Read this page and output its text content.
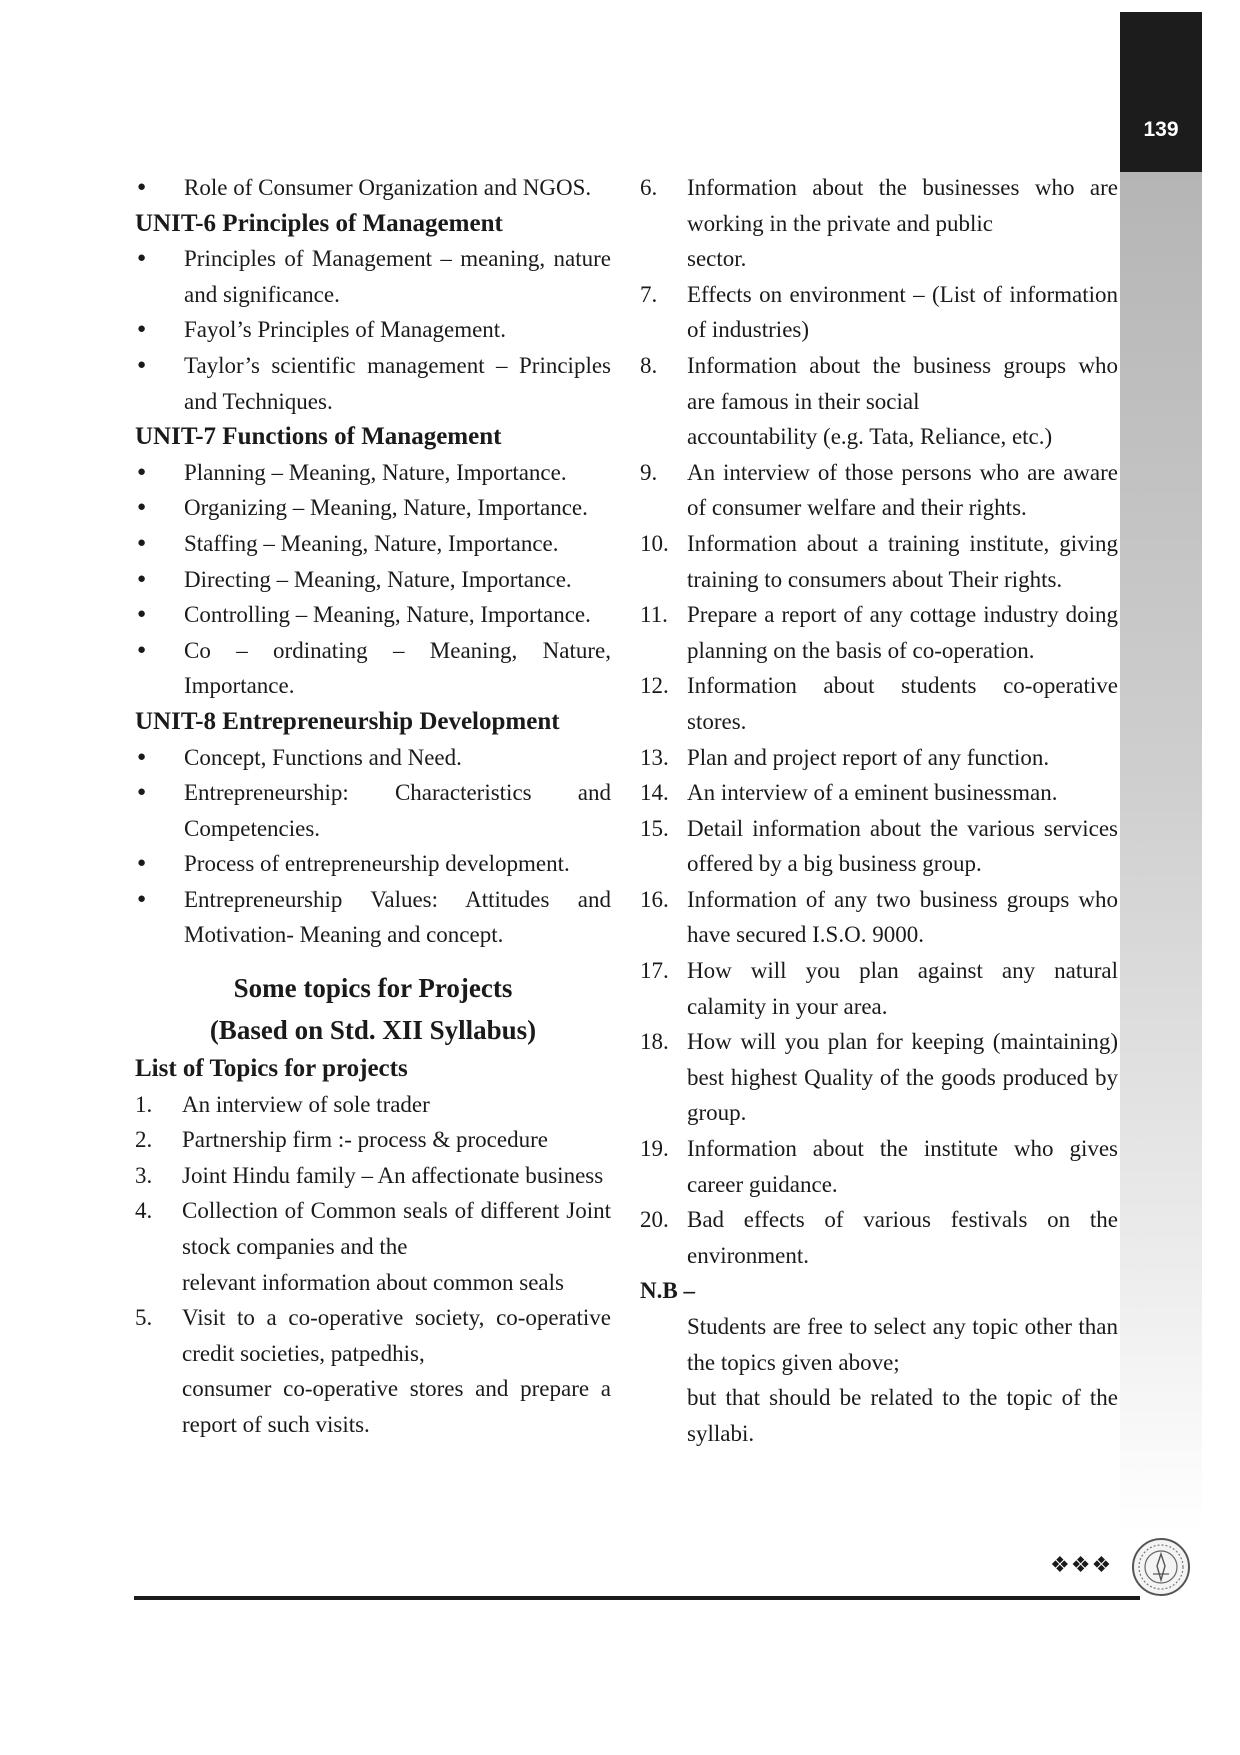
139
●	Role of Consumer Organization and NGOS.
UNIT-6 Principles of Management
●	Principles of Management – meaning, nature and significance.
●	Fayol’s Principles of Management.
●	Taylor’s scientific management – Principles and Techniques.
UNIT-7 Functions of Management
●	Planning – Meaning, Nature, Importance.
●	Organizing – Meaning, Nature, Importance.
●	Staffing – Meaning, Nature, Importance.
●	Directing – Meaning, Nature, Importance.
●	Controlling – Meaning, Nature, Importance.
●	Co – ordinating – Meaning, Nature, Importance.
UNIT-8 Entrepreneurship Development
●	Concept, Functions and Need.
●	Entrepreneurship: Characteristics and Competencies.
●	Process of entrepreneurship development.
●	Entrepreneurship Values: Attitudes and Motivation- Meaning and concept.
Some topics for Projects
(Based on Std. XII Syllabus)
List of Topics for projects
1.	An interview of sole trader
2.	Partnership firm :- process & procedure
3.	Joint Hindu family – An affectionate business
4.	Collection of Common seals of different Joint stock companies and the
relevant information about common seals
5.	Visit to a co-operative society, co-operative credit societies, patpedhis,
consumer co-operative stores and prepare a report of such visits.
6.	Information about the businesses who are working in the private and public
sector.
7.	Effects on environment – (List of information of industries)
8.	Information about the business groups who are famous in their social
accountability (e.g. Tata, Reliance, etc.)
9.	An interview of those persons who are aware of consumer welfare and their rights.
10. Information about a training institute, giving training to consumers about Their rights.
11. Prepare a report of any cottage industry doing planning on the basis of co-operation.
12. Information about students co-operative stores.
13. Plan and project report of any function.
14. An interview of a eminent businessman.
15. Detail information about the various services offered by a big business group.
16. Information of any two business groups who have secured I.S.O. 9000.
17. How will you plan against any natural calamity in your area.
18. How will you plan for keeping (maintaining) best highest Quality of the goods produced by group.
19. Information about the institute who gives career guidance.
20. Bad effects of various festivals on the environment.
N.B –
Students are free to select any topic other than the topics given above;
but that should be related to the topic of the syllabi.
❖❖❖
